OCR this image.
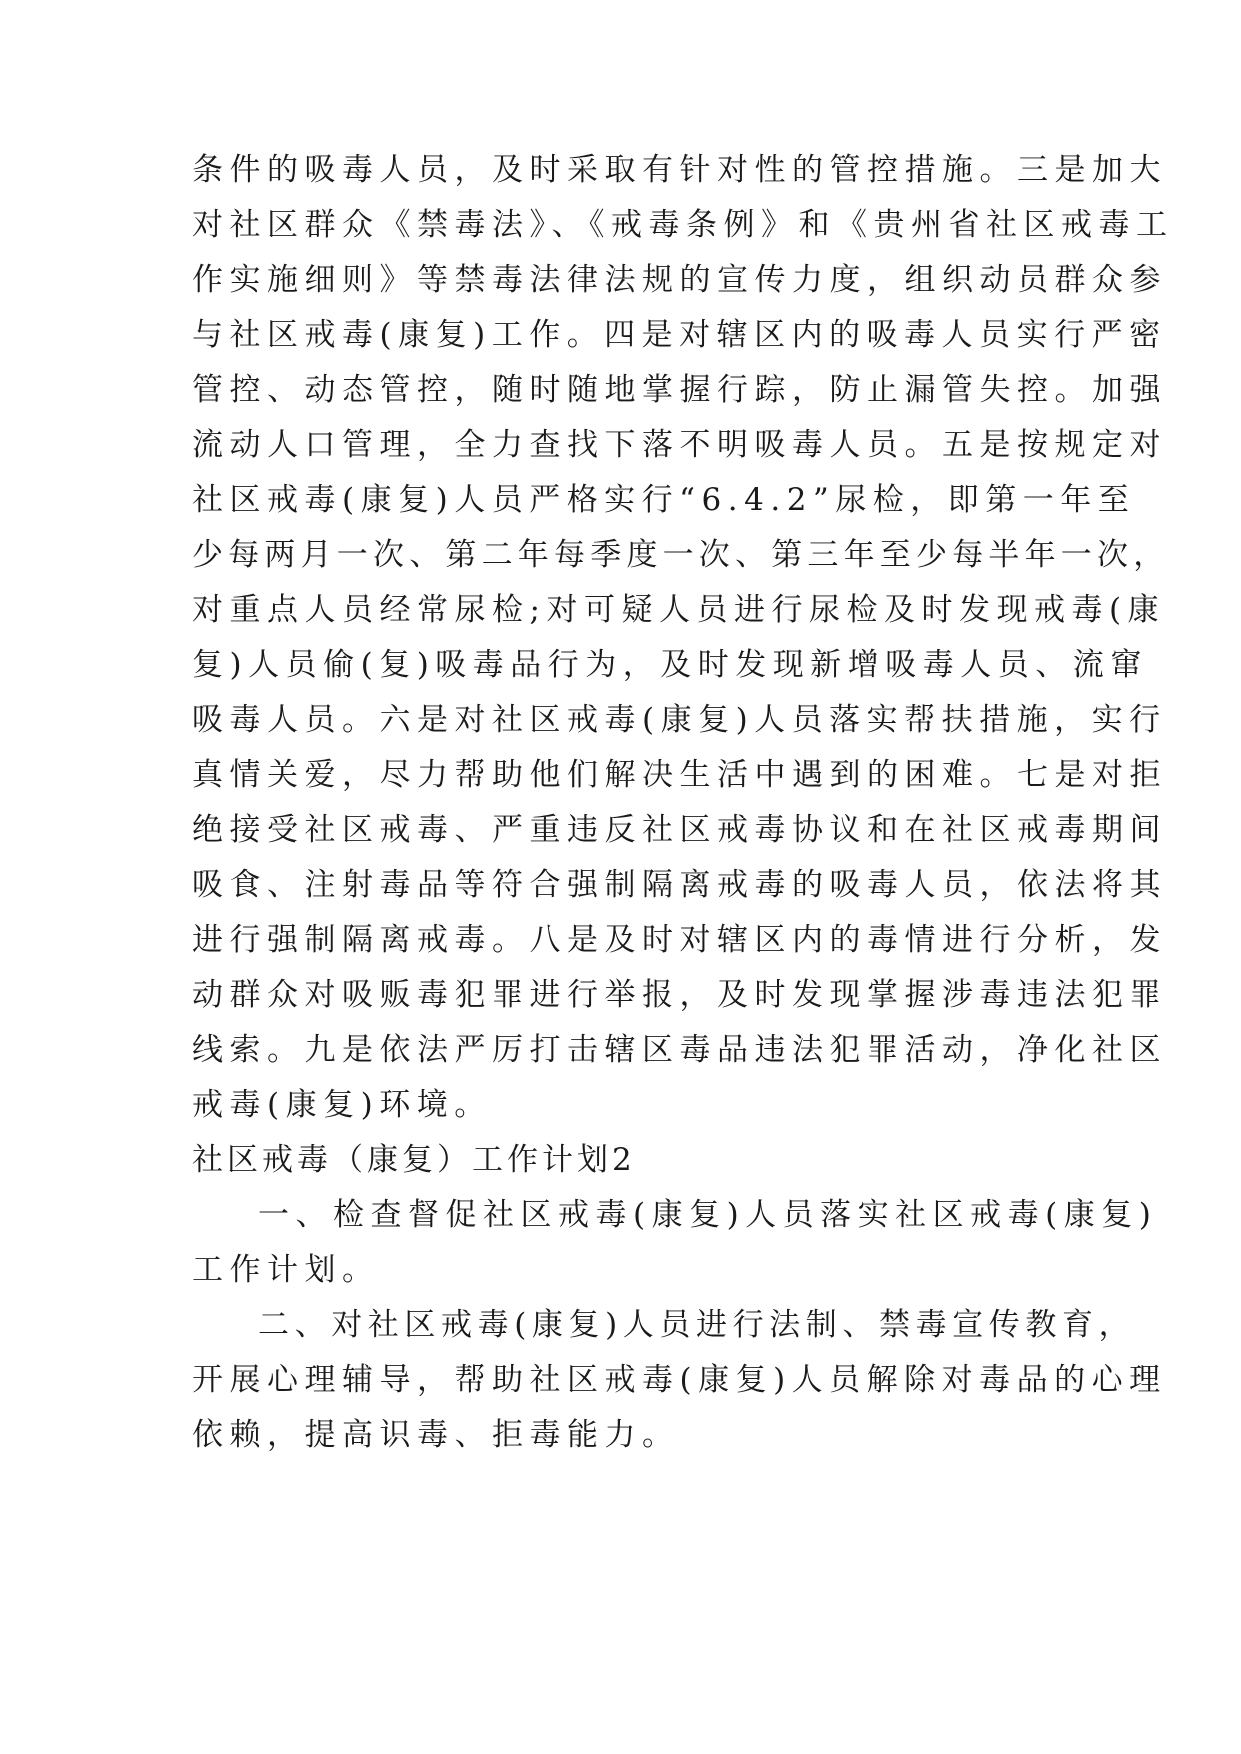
条件的吸毒人员，及时采取有针对性的管控措施。三是加大
对社区群众《禁毒法》、《戒毒条例》和《贵州省社区戒毒工
作实施细则》等禁毒法律法规的宣传力度，组织动员群众参
与社区戒毒(康复)工作。四是对辖区内的吸毒人员实行严密
管控、动态管控，随时随地掌握行踪，防止漏管失控。加强
流动人口管理，全力查找下落不明吸毒人员。五是按规定对
社区戒毒(康复)人员严格实行“6.4.2”尿检，即第一年至
少每两月一次、第二年每季度一次、第三年至少每半年一次，
对重点人员经常尿检;对可疑人员进行尿检及时发现戒毒(康
复)人员偷(复)吸毒品行为，及时发现新增吸毒人员、流窜
吸毒人员。六是对社区戒毒(康复)人员落实帮扶措施，实行
真情关爱，尽力帮助他们解决生活中遇到的困难。七是对拒
绝接受社区戒毒、严重违反社区戒毒协议和在社区戒毒期间
吸食、注射毒品等符合强制隔离戒毒的吸毒人员，依法将其
进行强制隔离戒毒。八是及时对辖区内的毒情进行分析，发
动群众对吸贩毒犯罪进行举报，及时发现掌握涉毒违法犯罪
线索。九是依法严厉打击辖区毒品违法犯罪活动，净化社区
戒毒(康复)环境。
社区戒毒（康复）工作计划2
一、检查督促社区戒毒(康复)人员落实社区戒毒(康复)
工作计划。
二、对社区戒毒(康复)人员进行法制、禁毒宣传教育，
开展心理辅导，帮助社区戒毒(康复)人员解除对毒品的心理
依赖，提高识毒、拒毒能力。
